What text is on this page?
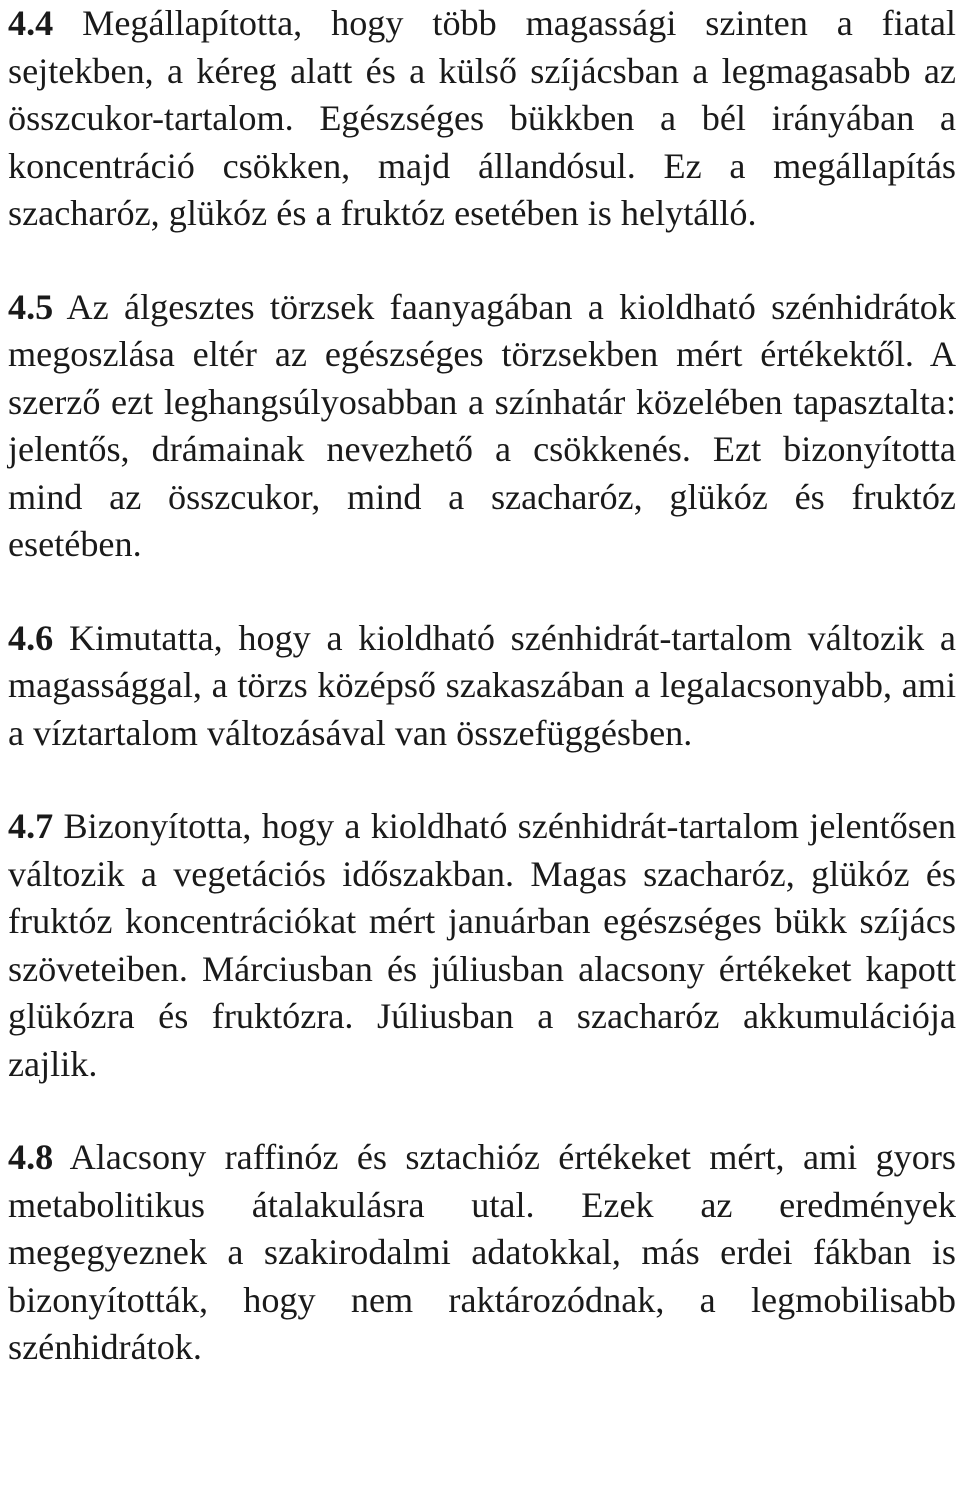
4.4 Megállapította, hogy több magassági szinten a fiatal sejtekben, a kéreg alatt és a külső szíjácsban a legmagasabb az összcukor-tartalom. Egészséges bükkben a bél irányában a koncentráció csökken, majd állandósul. Ez a megállapítás szacharóz, glükóz és a fruktóz esetében is helytálló.

4.5 Az álgesztes törzsek faanyagában a kioldható szénhidrátok megoszlása eltér az egészséges törzsekben mért értékektől. A szerző ezt leghangsúlyosabban a színhatár közelében tapasztalta: jelentős, drámainak nevezhető a csökkenés. Ezt bizonyította mind az összcukor, mind a szacharóz, glükóz és fruktóz esetében.

4.6 Kimutatta, hogy a kioldható szénhidrát-tartalom változik a magassággal, a törzs középső szakaszában a legalacsonyabb, ami a víztartalom változásával van összefüggésben.

4.7 Bizonyította, hogy a kioldható szénhidrát-tartalom jelentősen változik a vegetációs időszakban. Magas szacharóz, glükóz és fruktóz koncentrációkat mért januárban egészséges bükk szíjács szöveteiben. Márciusban és júliusban alacsony értékeket kapott glükózra és fruktózra. Júliusban a szacharóz akkumulációja zajlik.

4.8 Alacsony raffinóz és sztachióz értékeket mért, ami gyors metabolitikus átalakulásra utal. Ezek az eredmények megegyeznek a szakirodalmi adatokkal, más erdei fákban is bizonyították, hogy nem raktározódnak, a legmobilisabb szénhidrátok.
